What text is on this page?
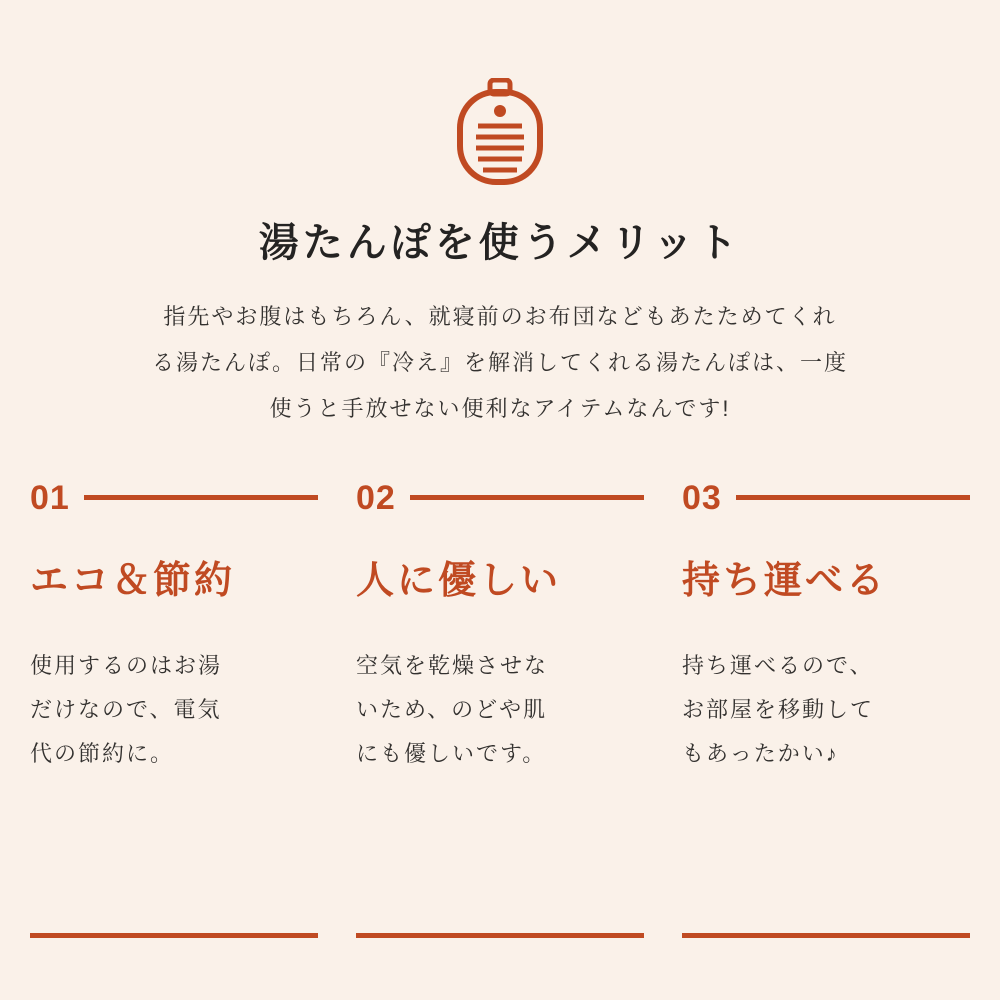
湯たんぽを使うメリット
指先やお腹はもちろん、就寝前のお布団などもあたためてくれ
る湯たんぽ。日常の『冷え』を解消してくれる湯たんぽは、一度
使うと手放せない便利なアイテムなんです!
01
エコ＆節約
使用するのはお湯
だけなので、電気
代の節約に。
02
人に優しい
空気を乾燥させな
いため、のどや肌
にも優しいです。
03
持ち運べる
持ち運べるので、
お部屋を移動して
もあったかい♪
